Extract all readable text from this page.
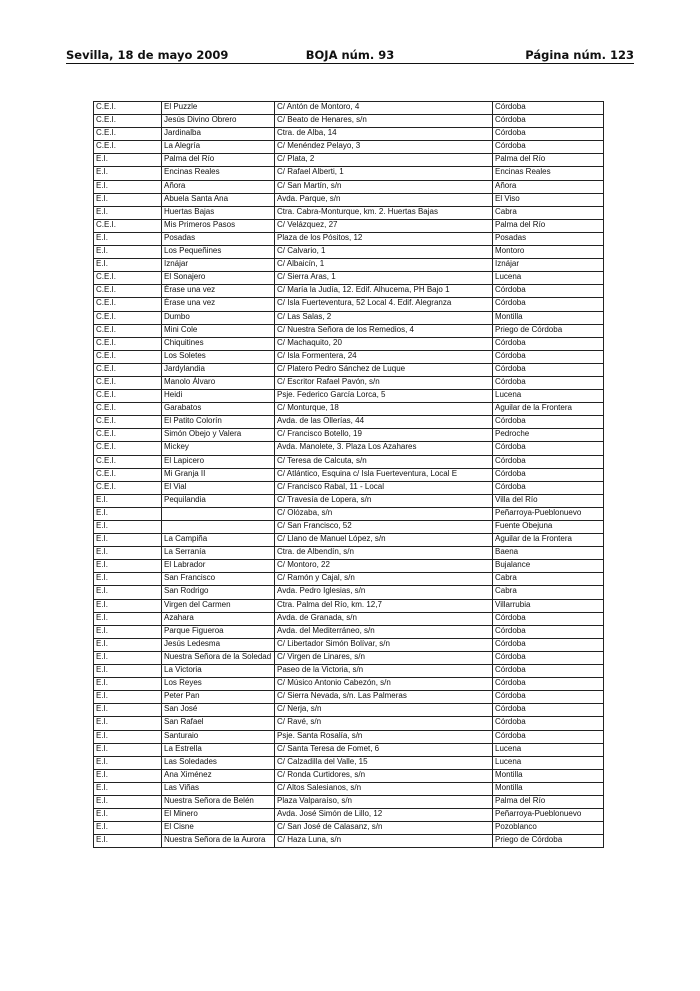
Sevilla, 18 de mayo 2009	BOJA núm. 93	Página núm. 123
C.E.I.	El Puzzle	C/ Antón de Montoro, 4	Córdoba
C.E.I.	Jesús Divino Obrero	C/ Beato de Henares, s/n	Córdoba
C.E.I.	Jardinalba	Ctra. de Alba, 14	Córdoba
C.E.I.	La Alegría	C/ Menéndez Pelayo, 3	Córdoba
E.I.	Palma del Río	C/ Plata, 2	Palma del Río
E.I.	Encinas Reales	C/ Rafael Alberti, 1	Encinas Reales
E.I.	Añora	C/ San Martín, s/n	Añora
E.I.	Abuela Santa Ana	Avda. Parque, s/n	El Viso
E.I.	Huertas Bajas	Ctra. Cabra-Monturque, km. 2. Huertas Bajas	Cabra
C.E.I.	Mis Primeros Pasos	C/ Velázquez, 27	Palma del Río
E.I.	Posadas	Plaza de los Pósitos, 12	Posadas
E.I.	Los Pequeñines	C/ Calvario, 1	Montoro
E.I.	Iznájar	C/ Albaicín, 1	Iznájar
C.E.I.	El Sonajero	C/ Sierra Aras, 1	Lucena
C.E.I.	Érase una vez	C/ María la Judía, 12. Edif. Alhucema, PH Bajo 1	Córdoba
C.E.I.	Érase una vez	C/ Isla Fuerteventura, 52 Local 4. Edif. Alegranza	Córdoba
C.E.I.	Dumbo	C/ Las Salas, 2	Montilla
C.E.I.	Mini Cole	C/ Nuestra Señora de los Remedios, 4	Priego de Córdoba
C.E.I.	Chiquitines	C/ Machaquito, 20	Córdoba
C.E.I.	Los Soletes	C/ Isla Formentera, 24	Córdoba
C.E.I.	Jardylandia	C/ Platero Pedro Sánchez de Luque	Córdoba
C.E.I.	Manolo Álvaro	C/ Escritor Rafael Pavón, s/n	Córdoba
C.E.I.	Heidi	Psje. Federico García Lorca, 5	Lucena
C.E.I.	Garabatos	C/ Monturque, 18	Aguilar de la Frontera
C.E.I.	El Patito Colorín	Avda. de las Ollerías, 44	Córdoba
C.E.I.	Simón Obejo y Valera	C/ Francisco Botello, 19	Pedroche
C.E.I.	Mickey	Avda. Manolete, 3. Plaza Los Azahares	Córdoba
C.E.I.	El Lapicero	C/ Teresa de Calcuta, s/n	Córdoba
C.E.I.	Mi Granja II	C/ Atlántico, Esquina c/ Isla Fuerteventura, Local E	Córdoba
C.E.I.	El Vial	C/ Francisco Rabal, 11 - Local	Córdoba
E.I.	Pequilandia	C/ Travesía de Lopera, s/n	Villa del Río
E.I.		C/ Olózaba, s/n	Peñarroya-Pueblonuevo
E.I.		C/ San Francisco, 52	Fuente Obejuna
E.I.	La Campiña	C/ Llano de Manuel López, s/n	Aguilar de la Frontera
E.I.	La Serranía	Ctra. de Albendín, s/n	Baena
E.I.	El Labrador	C/ Montoro, 22	Bujalance
E.I.	San Francisco	C/ Ramón y Cajal, s/n	Cabra
E.I.	San Rodrigo	Avda. Pedro Iglesias, s/n	Cabra
E.I.	Virgen del Carmen	Ctra. Palma del Río, km. 12,7	Villarrubia
E.I.	Azahara	Avda. de Granada, s/n	Córdoba
E.I.	Parque Figueroa	Avda. del Mediterráneo, s/n	Córdoba
E.I.	Jesús Ledesma	C/ Libertador Simón Bolívar, s/n	Córdoba
E.I.	Nuestra Señora de la Soledad	C/ Virgen de Linares, s/n	Córdoba
E.I.	La Victoria	Paseo de la Victoria, s/n	Córdoba
E.I.	Los Reyes	C/ Músico Antonio Cabezón, s/n	Córdoba
E.I.	Peter Pan	C/ Sierra Nevada, s/n. Las Palmeras	Córdoba
E.I.	San José	C/ Nerja, s/n	Córdoba
E.I.	San Rafael	C/ Ravé, s/n	Córdoba
E.I.	Santuraio	Psje. Santa Rosalía, s/n	Córdoba
E.I.	La Estrella	C/ Santa Teresa de Fomet, 6	Lucena
E.I.	Las Soledades	C/ Calzadilla del Valle, 15	Lucena
E.I.	Ana Ximénez	C/ Ronda Curtidores, s/n	Montilla
E.I.	Las Viñas	C/ Altos Salesianos, s/n	Montilla
E.I.	Nuestra Señora de Belén	Plaza Valparaíso, s/n	Palma del Río
E.I.	El Minero	Avda. José Simón de Lillo, 12	Peñarroya-Pueblonuevo
E.I.	El Cisne	C/ San José de Calasanz, s/n	Pozoblanco
E.I.	Nuestra Señora de la Aurora	C/ Haza Luna, s/n	Priego de Córdoba
